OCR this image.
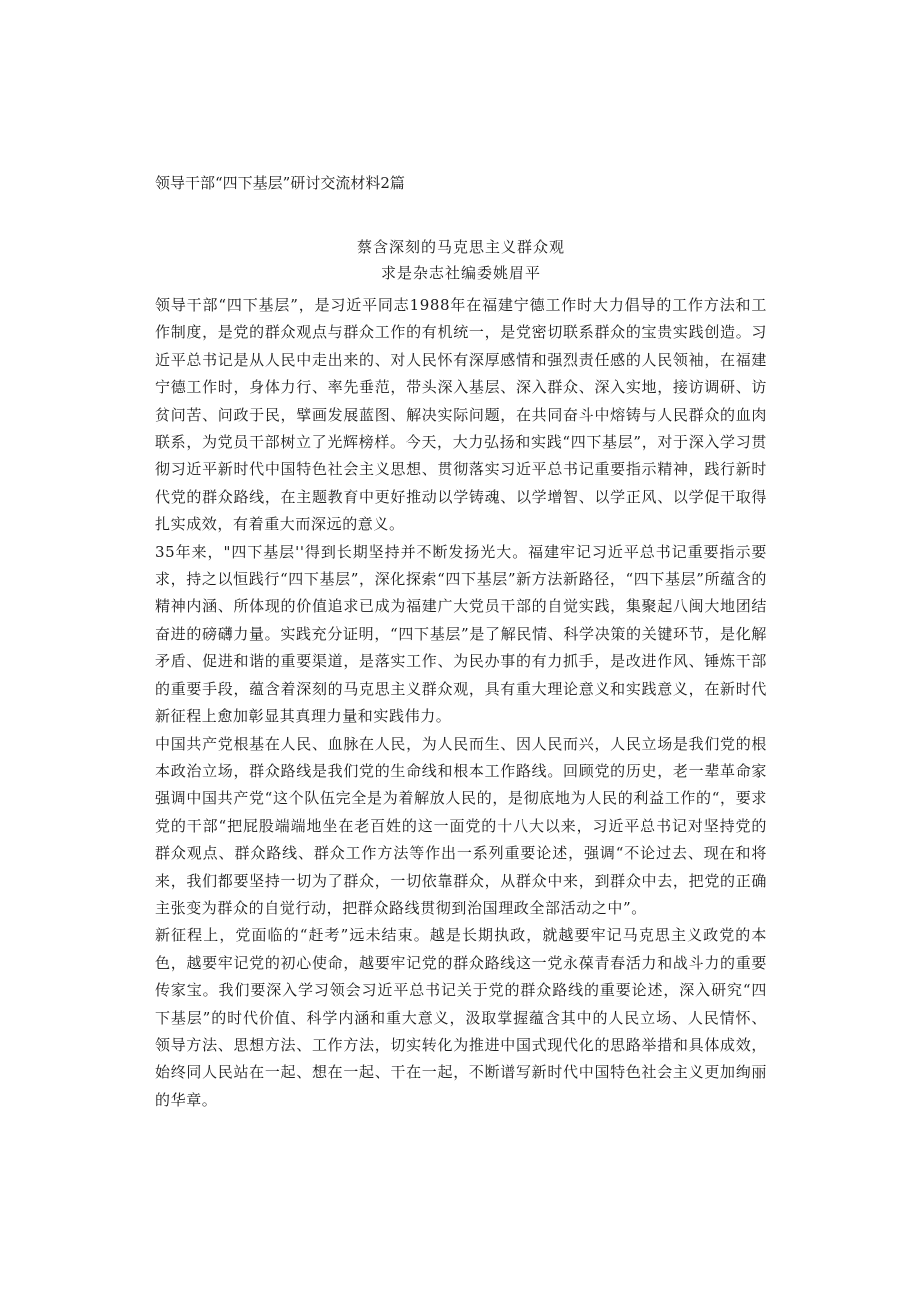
领导干部“四下基层”研讨交流材料2篇

蔡含深刻的马克思主义群众观

求是杂志社编委姚眉平

领导干部“四下基层”，是习近平同志1988年在福建宁德工作时大力倡导的工作方法和工作制度，是党的群众观点与群众工作的有机统一，是党密切联系群众的宝贵实践创造。习近平总书记是从人民中走出来的、对人民怀有深厚感情和强烈责任感的人民领袖，在福建宁德工作时，身体力行、率先垂范，带头深入基层、深入群众、深入实地，接访调研、访贫问苦、问政于民，擘画发展蓝图、解决实际问题，在共同奋斗中熔铸与人民群众的血肉联系，为党员干部树立了光辉榜样。今天，大力弘扬和实践“四下基层”，对于深入学习贯彻习近平新时代中国特色社会主义思想、贯彻落实习近平总书记重要指示精神，践行新时代党的群众路线，在主题教育中更好推动以学铸魂、以学增智、以学正风、以学促干取得扎实成效，有着重大而深远的意义。

35年来，"四下基层''得到长期坚持并不断发扬光大。福建牢记习近平总书记重要指示要求，持之以恒践行“四下基层”，深化探索“四下基层”新方法新路径，“四下基层”所蕴含的精神内涵、所体现的价值追求已成为福建广大党员干部的自觉实践，集聚起八闽大地团结奋进的磅礴力量。实践充分证明，“四下基层”是了解民情、科学决策的关键环节，是化解矛盾、促进和谐的重要渠道，是落实工作、为民办事的有力抓手，是改进作风、锤炼干部的重要手段，蕴含着深刻的马克思主义群众观，具有重大理论意义和实践意义，在新时代新征程上愈加彰显其真理力量和实践伟力。

中国共产党根基在人民、血脉在人民，为人民而生、因人民而兴，人民立场是我们党的根本政治立场，群众路线是我们党的生命线和根本工作路线。回顾党的历史，老一辈革命家强调中国共产党“这个队伍完全是为着解放人民的，是彻底地为人民的利益工作的“，要求党的干部“把屁股端端地坐在老百姓的这一面党的十八大以来，习近平总书记对坚持党的群众观点、群众路线、群众工作方法等作出一系列重要论述，强调“不论过去、现在和将来，我们都要坚持一切为了群众，一切依靠群众，从群众中来，到群众中去，把党的正确主张变为群众的自觉行动，把群众路线贯彻到治国理政全部活动之中”。

新征程上，党面临的“赶考”远未结束。越是长期执政，就越要牢记马克思主义政党的本色，越要牢记党的初心使命，越要牢记党的群众路线这一党永葆青春活力和战斗力的重要传家宝。我们要深入学习领会习近平总书记关于党的群众路线的重要论述，深入研究“四下基层”的时代价值、科学内涵和重大意义，汲取掌握蕴含其中的人民立场、人民情怀、领导方法、思想方法、工作方法，切实转化为推进中国式现代化的思路举措和具体成效，始终同人民站在一起、想在一起、干在一起，不断谱写新时代中国特色社会主义更加绚丽的华章。
